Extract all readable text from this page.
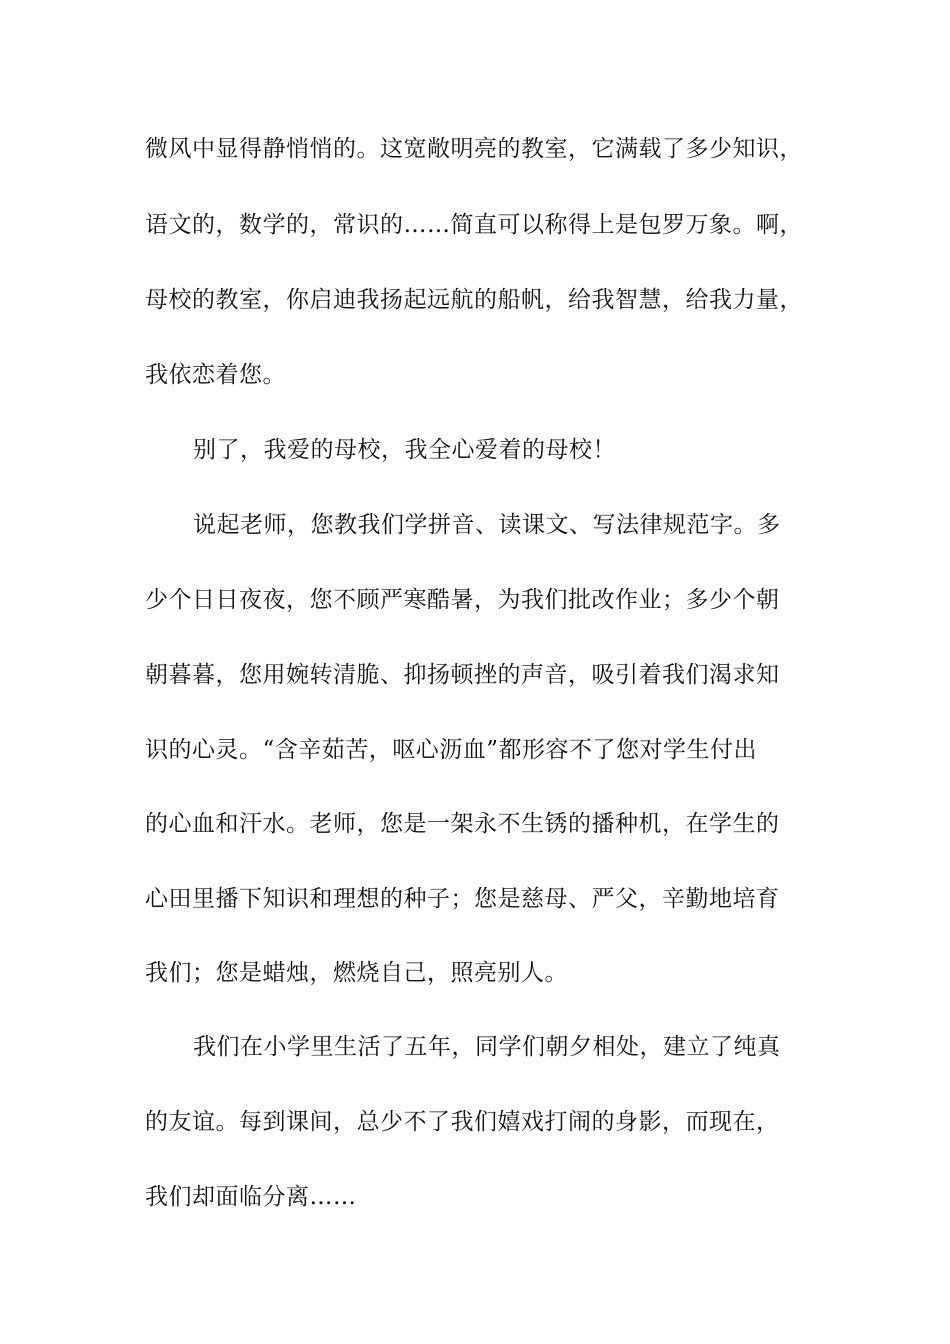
微风中显得静悄悄的。这宽敞明亮的教室，它满载了多少知识，
语文的，数学的，常识的……简直可以称得上是包罗万象。啊，
母校的教室，你启迪我扬起远航的船帆，给我智慧，给我力量，
我依恋着您。
别了，我爱的母校，我全心爱着的母校！
说起老师，您教我们学拼音、读课文、写法律规范字。多
少个日日夜夜，您不顾严寒酷暑，为我们批改作业；多少个朝
朝暮暮，您用婉转清脆、抑扬顿挫的声音，吸引着我们渴求知
识的心灵。“含辛茹苦，呕心沥血”都形容不了您对学生付出
的心血和汗水。老师，您是一架永不生锈的播种机，在学生的
心田里播下知识和理想的种子；您是慈母、严父，辛勤地培育
我们；您是蜡烛，燃烧自己，照亮别人。
我们在小学里生活了五年，同学们朝夕相处，建立了纯真
的友谊。每到课间，总少不了我们嬉戏打闹的身影，而现在，
我们却面临分离……
